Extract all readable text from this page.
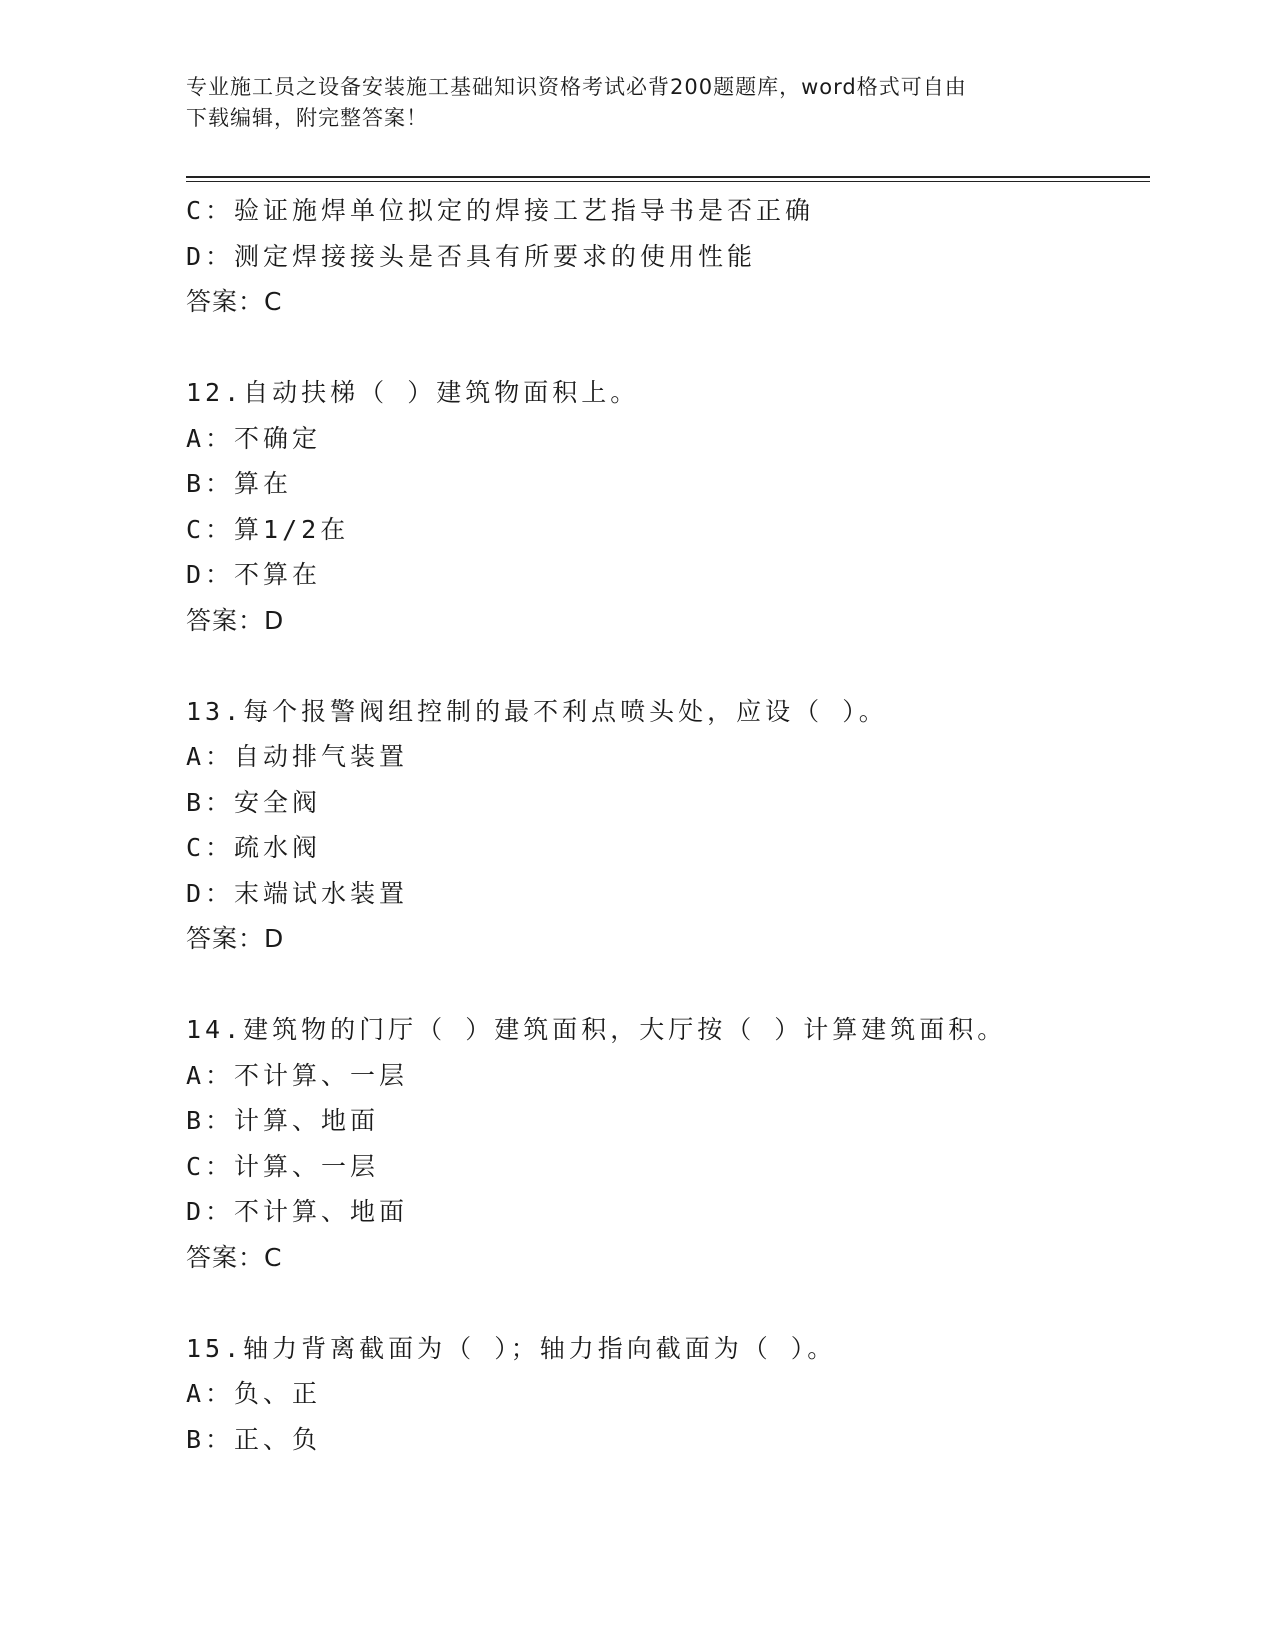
专业施工员之设备安装施工基础知识资格考试必背200题题库，word格式可自由
下载编辑，附完整答案！
C：验证施焊单位拟定的焊接工艺指导书是否正确
D：测定焊接接头是否具有所要求的使用性能
答案：C
12.自动扶梯（ ）建筑物面积上。
A：不确定
B：算在
C：算1/2在
D：不算在
答案：D
13.每个报警阀组控制的最不利点喷头处，应设（ ）。
A：自动排气装置
B：安全阀
C：疏水阀
D：末端试水装置
答案：D
14.建筑物的门厅（ ）建筑面积，大厅按（ ）计算建筑面积。
A：不计算、一层
B：计算、地面
C：计算、一层
D：不计算、地面
答案：C
15.轴力背离截面为（ ）；轴力指向截面为（ ）。
A：负、正
B：正、负
